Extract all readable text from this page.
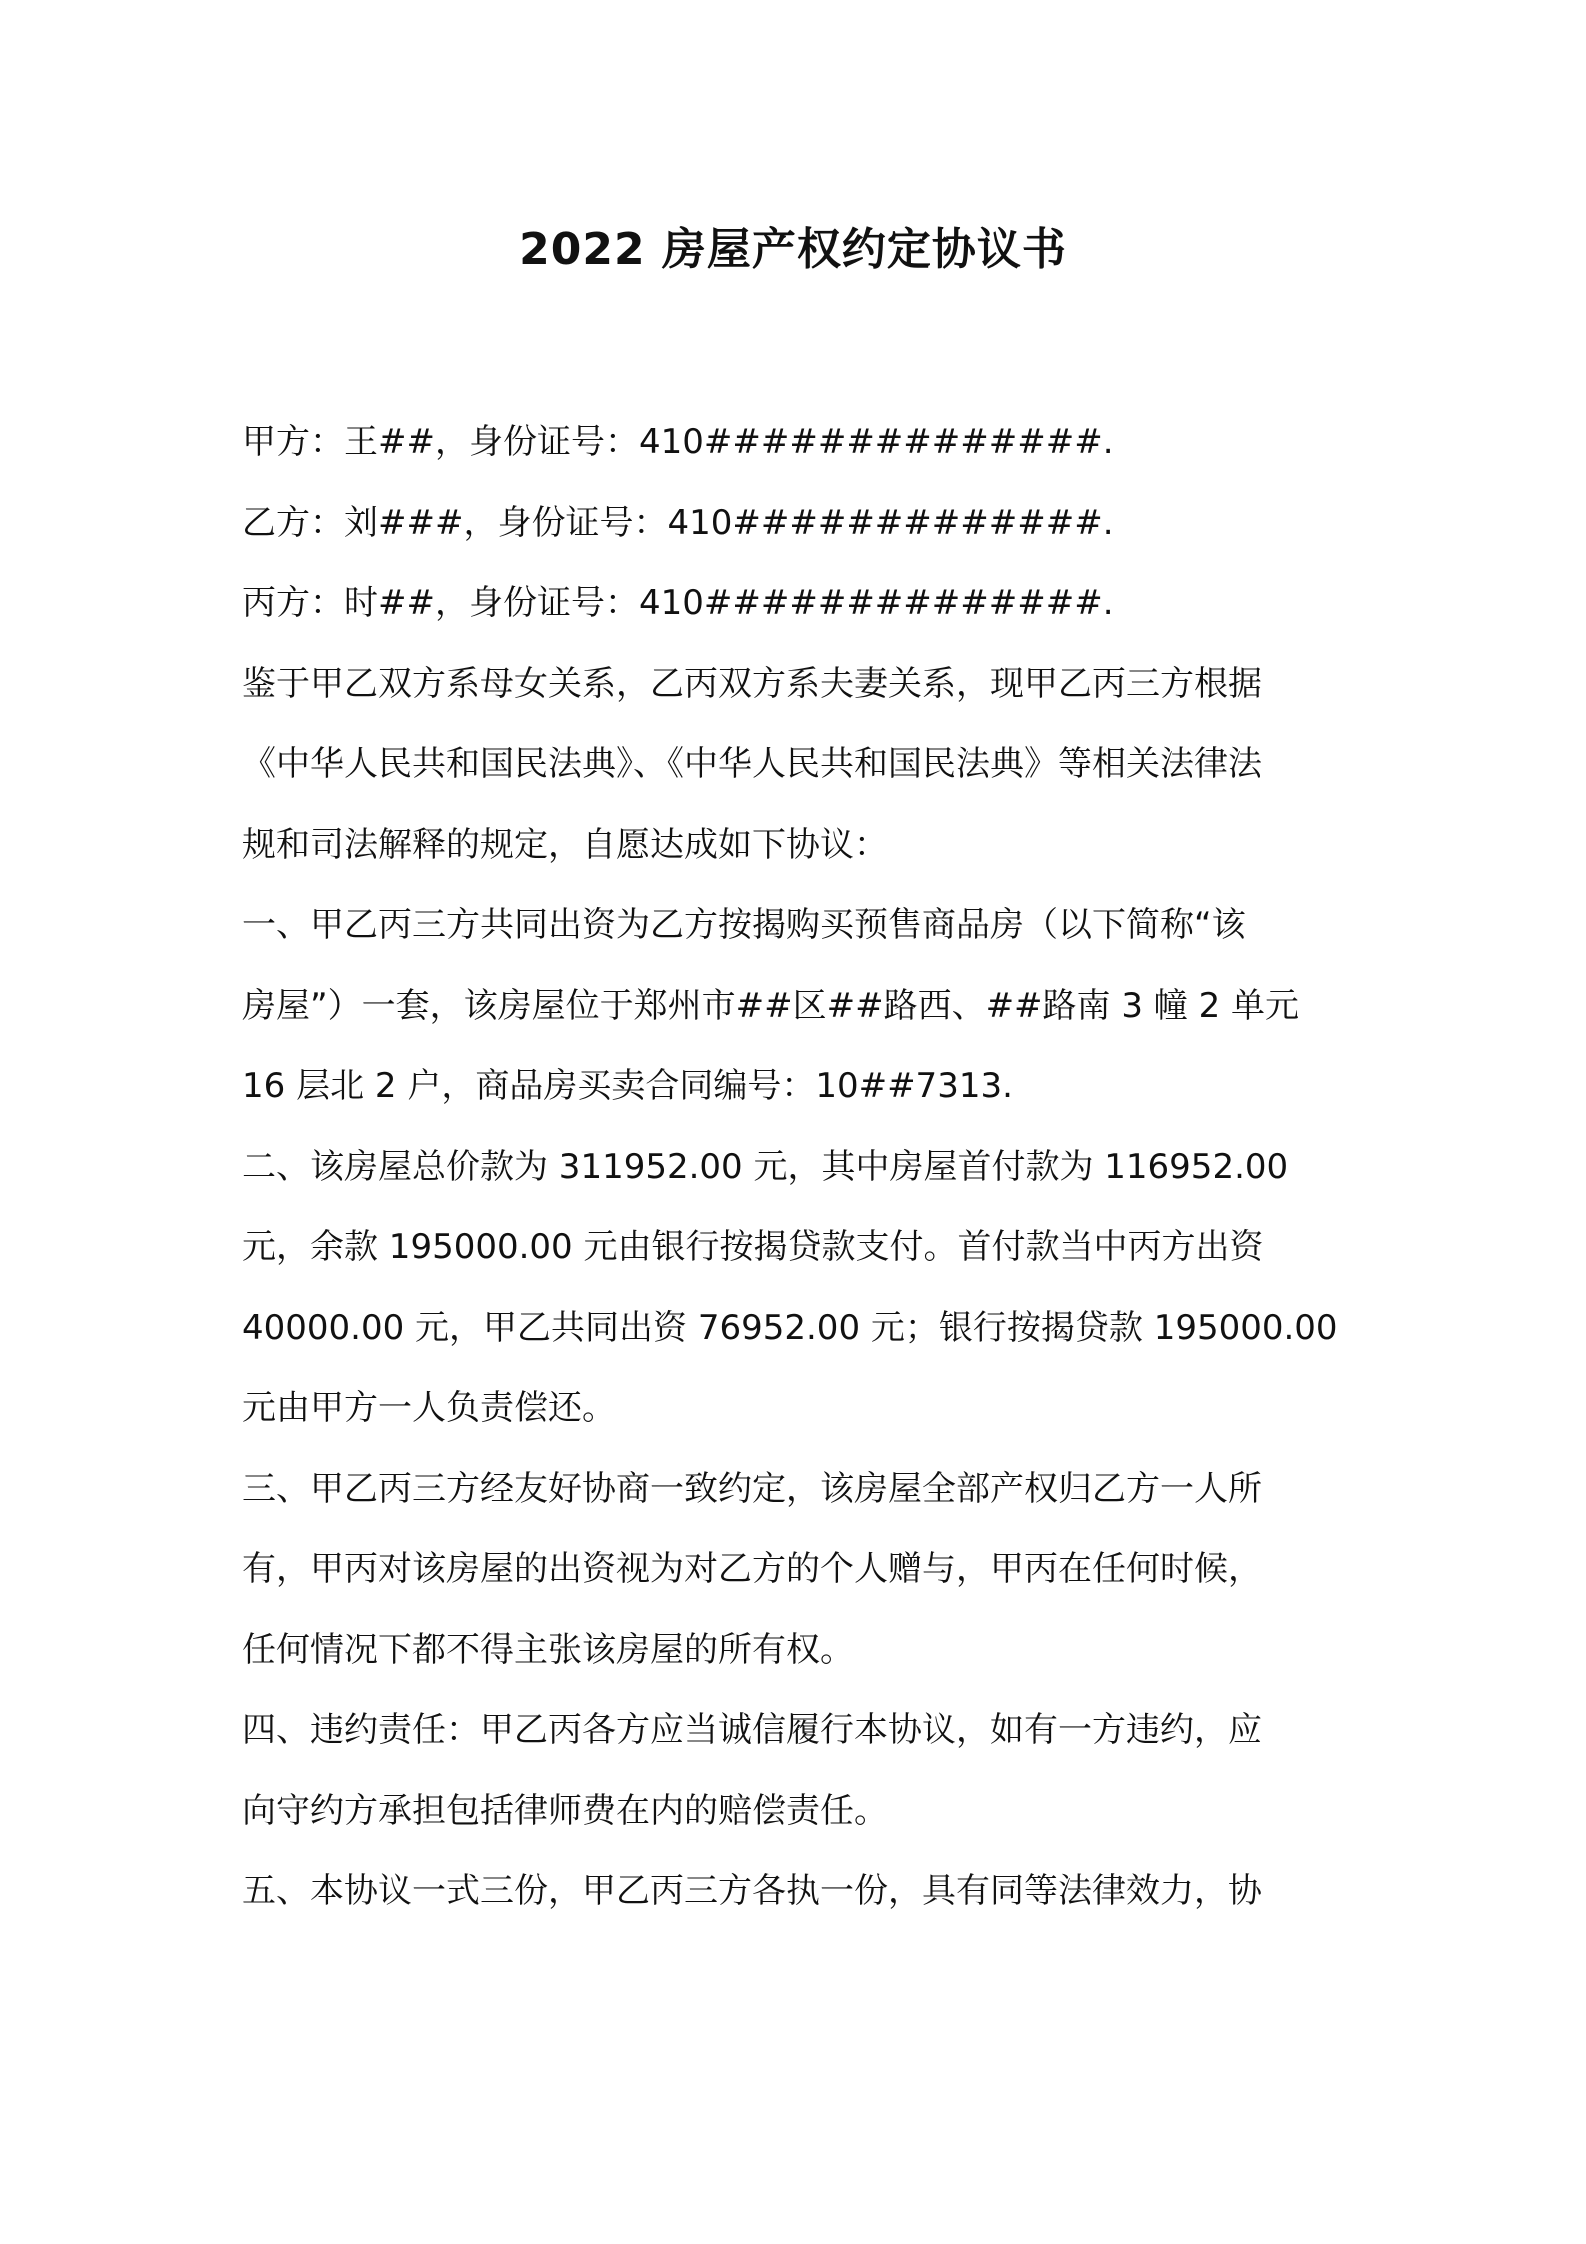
2022 房屋产权约定协议书
甲方：王##，身份证号：410##############.
乙方：刘###，身份证号：410#############.
丙方：时##，身份证号：410##############.
鉴于甲乙双方系母女关系，乙丙双方系夫妻关系，现甲乙丙三方根据
《中华人民共和国民法典》、《中华人民共和国民法典》等相关法律法
规和司法解释的规定，自愿达成如下协议：
一、甲乙丙三方共同出资为乙方按揭购买预售商品房（以下简称“该
房屋”）一套，该房屋位于郑州市##区##路西、##路南 3 幢 2 单元
16 层北 2 户，商品房买卖合同编号：10##7313.
二、该房屋总价款为 311952.00 元，其中房屋首付款为 116952.00
元，余款 195000.00 元由银行按揭贷款支付。首付款当中丙方出资
40000.00 元，甲乙共同出资 76952.00 元；银行按揭贷款 195000.00
元由甲方一人负责偿还。
三、甲乙丙三方经友好协商一致约定，该房屋全部产权归乙方一人所
有，甲丙对该房屋的出资视为对乙方的个人赠与，甲丙在任何时候，
任何情况下都不得主张该房屋的所有权。
四、违约责任：甲乙丙各方应当诚信履行本协议，如有一方违约，应
向守约方承担包括律师费在内的赔偿责任。
五、本协议一式三份，甲乙丙三方各执一份，具有同等法律效力，协
